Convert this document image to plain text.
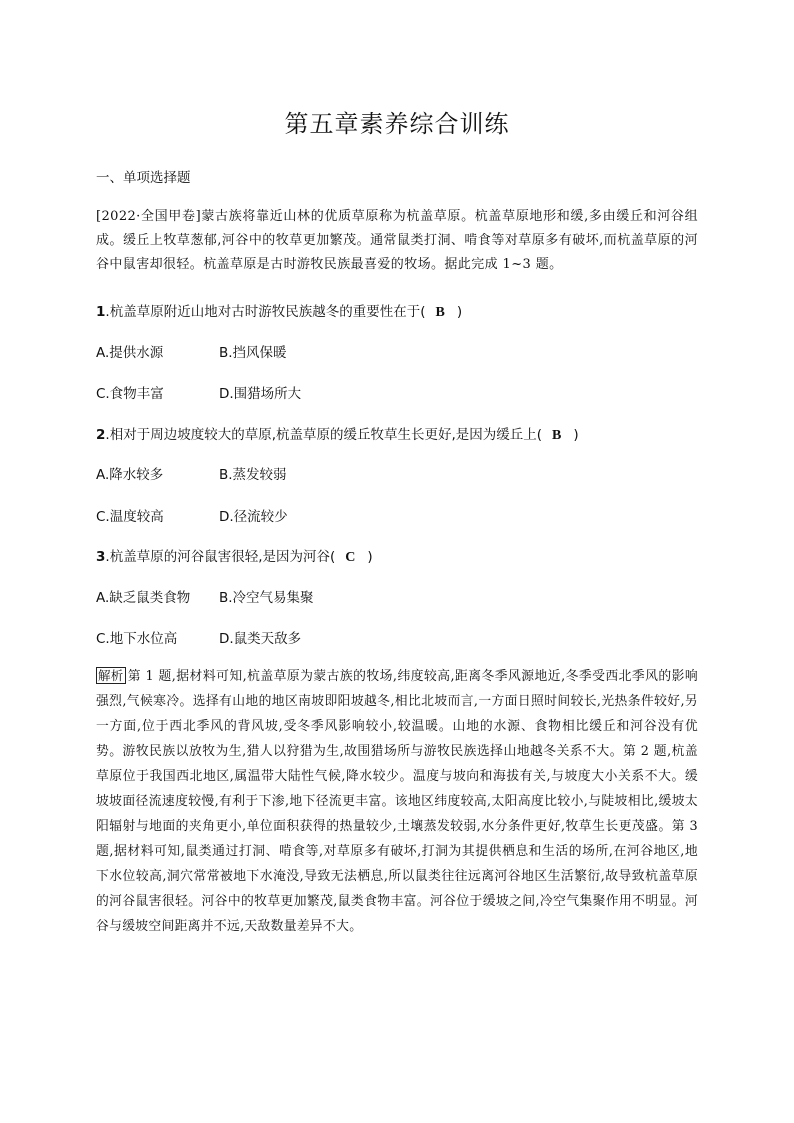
第五章素养综合训练
一、单项选择题
[2022·全国甲卷]蒙古族将靠近山林的优质草原称为杭盖草原。杭盖草原地形和缓,多由缓丘和河谷组成。缓丘上牧草葱郁,河谷中的牧草更加繁茂。通常鼠类打洞、啃食等对草原多有破坏,而杭盖草原的河谷中鼠害却很轻。杭盖草原是古时游牧民族最喜爱的牧场。据此完成 1~3 题。
1.杭盖草原附近山地对古时游牧民族越冬的重要性在于( B )
A.提供水源	B.挡风保暖
C.食物丰富	D.围猎场所大
2.相对于周边坡度较大的草原,杭盖草原的缓丘牧草生长更好,是因为缓丘上( B )
A.降水较多	B.蒸发较弱
C.温度较高	D.径流较少
3.杭盖草原的河谷鼠害很轻,是因为河谷( C )
A.缺乏鼠类食物 B.冷空气易集聚
C.地下水位高	D.鼠类天敌多
解析 第 1 题,据材料可知,杭盖草原为蒙古族的牧场,纬度较高,距离冬季风源地近,冬季受西北季风的影响强烈,气候寒冷。选择有山地的地区南坡即阳坡越冬,相比北坡而言,一方面日照时间较长,光热条件较好,另一方面,位于西北季风的背风坡,受冬季风影响较小,较温暖。山地的水源、食物相比缓丘和河谷没有优势。游牧民族以放牧为生,猎人以狩猎为生,故围猎场所与游牧民族选择山地越冬关系不大。第 2 题,杭盖草原位于我国西北地区,属温带大陆性气候,降水较少。温度与坡向和海拔有关,与坡度大小关系不大。缓坡坡面径流速度较慢,有利于下渗,地下径流更丰富。该地区纬度较高,太阳高度比较小,与陡坡相比,缓坡太阳辐射与地面的夹角更小,单位面积获得的热量较少,土壤蒸发较弱,水分条件更好,牧草生长更茂盛。第 3 题,据材料可知,鼠类通过打洞、啃食等,对草原多有破坏,打洞为其提供栖息和生活的场所,在河谷地区,地下水位较高,洞穴常常被地下水淹没,导致无法栖息,所以鼠类往往远离河谷地区生活繁衍,故导致杭盖草原的河谷鼠害很轻。河谷中的牧草更加繁茂,鼠类食物丰富。河谷位于缓坡之间,冷空气集聚作用不明显。河谷与缓坡空间距离并不远,天敌数量差异不大。
